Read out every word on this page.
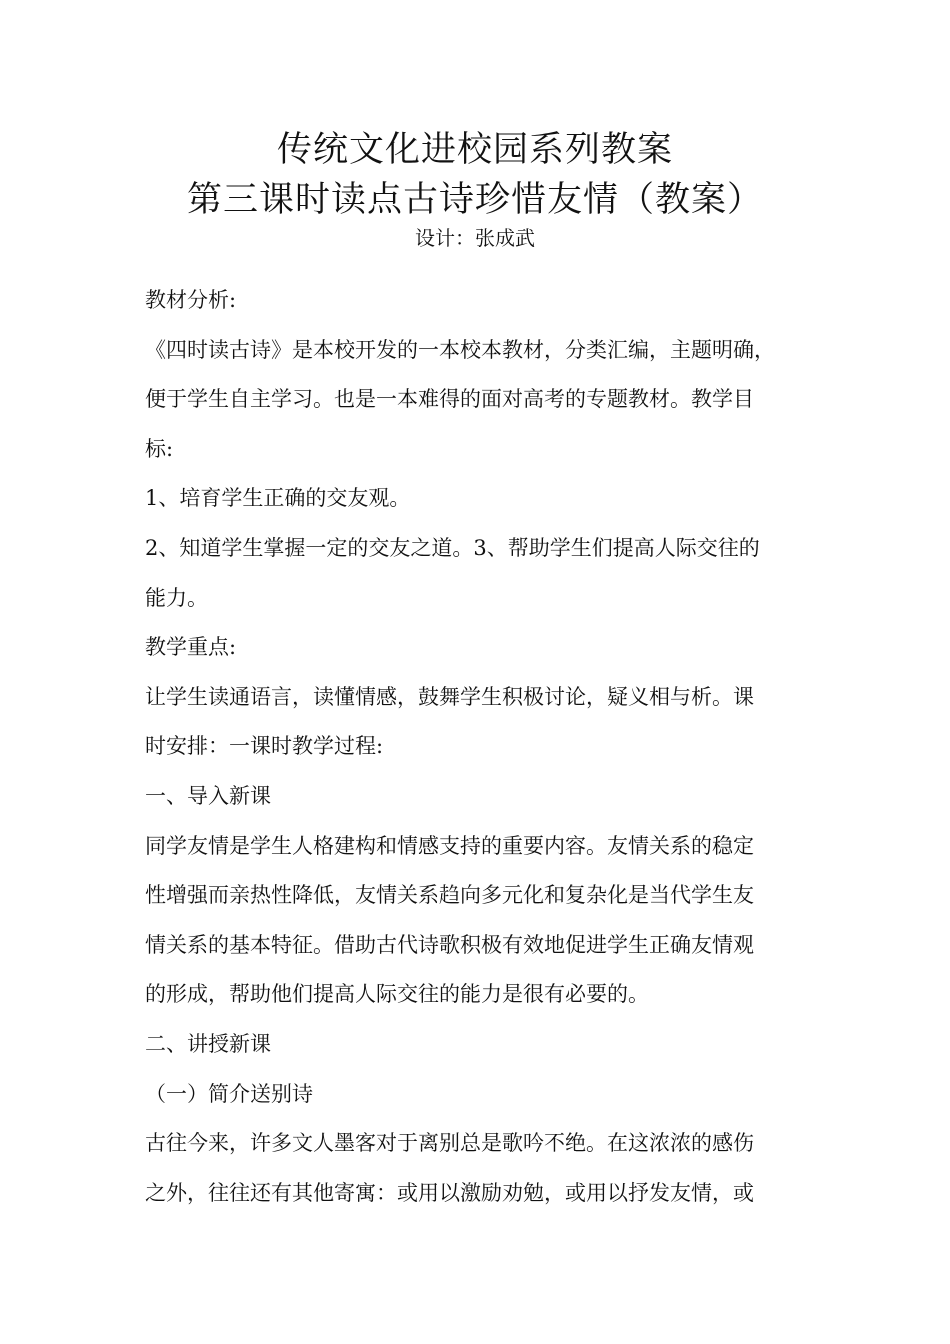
传统文化进校园系列教案
第三课时读点古诗珍惜友情（教案）
设计：张成武
教材分析:
《四时读古诗》是本校开发的一本校本教材，分类汇编，主题明确，
便于学生自主学习。也是一本难得的面对高考的专题教材。教学目
标:
1、培育学生正确的交友观。
2、知道学生掌握一定的交友之道。3、帮助学生们提高人际交往的
能力。
教学重点:
让学生读通语言，读懂情感，鼓舞学生积极讨论，疑义相与析。课
时安排：一课时教学过程:
一、导入新课
同学友情是学生人格建构和情感支持的重要内容。友情关系的稳定
性增强而亲热性降低，友情关系趋向多元化和复杂化是当代学生友
情关系的基本特征。借助古代诗歌积极有效地促进学生正确友情观
的形成，帮助他们提高人际交往的能力是很有必要的。
二、讲授新课
（一）简介送别诗
古往今来，许多文人墨客对于离别总是歌吟不绝。在这浓浓的感伤
之外，往往还有其他寄寓：或用以激励劝勉，或用以抒发友情，或
